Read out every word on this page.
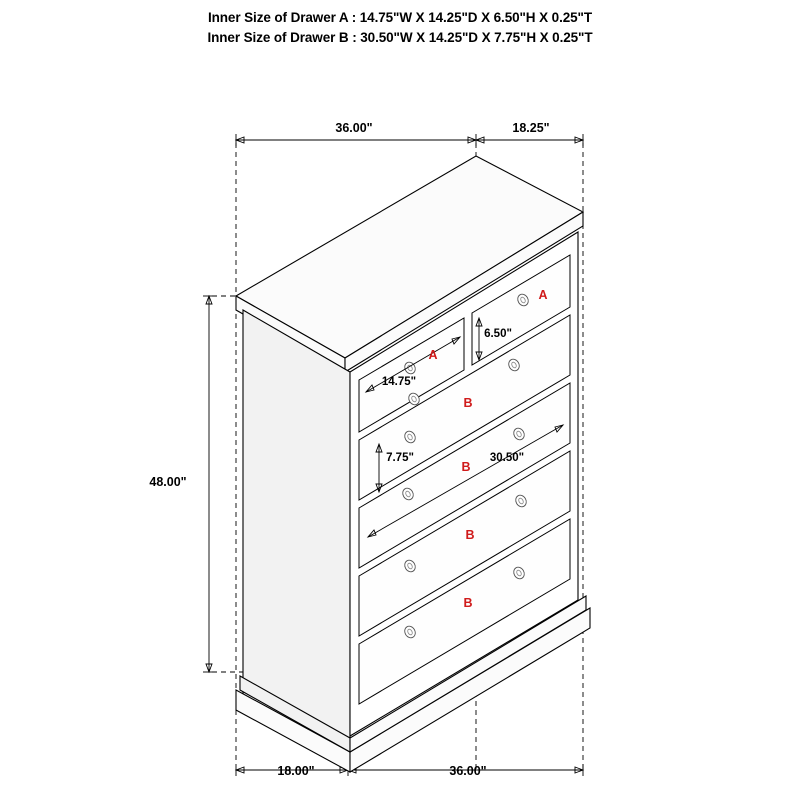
Inner Size of Drawer A : 14.75"W X 14.25"D X 6.50"H X 0.25"T
Inner Size of Drawer B : 30.50"W X 14.25"D X 7.75"H X 0.25"T
36.00"	18.25"
48.00"
18.00"	36.00"
6.50"
14.75"
7.75"	30.50"
A
A
B
B
B
B
